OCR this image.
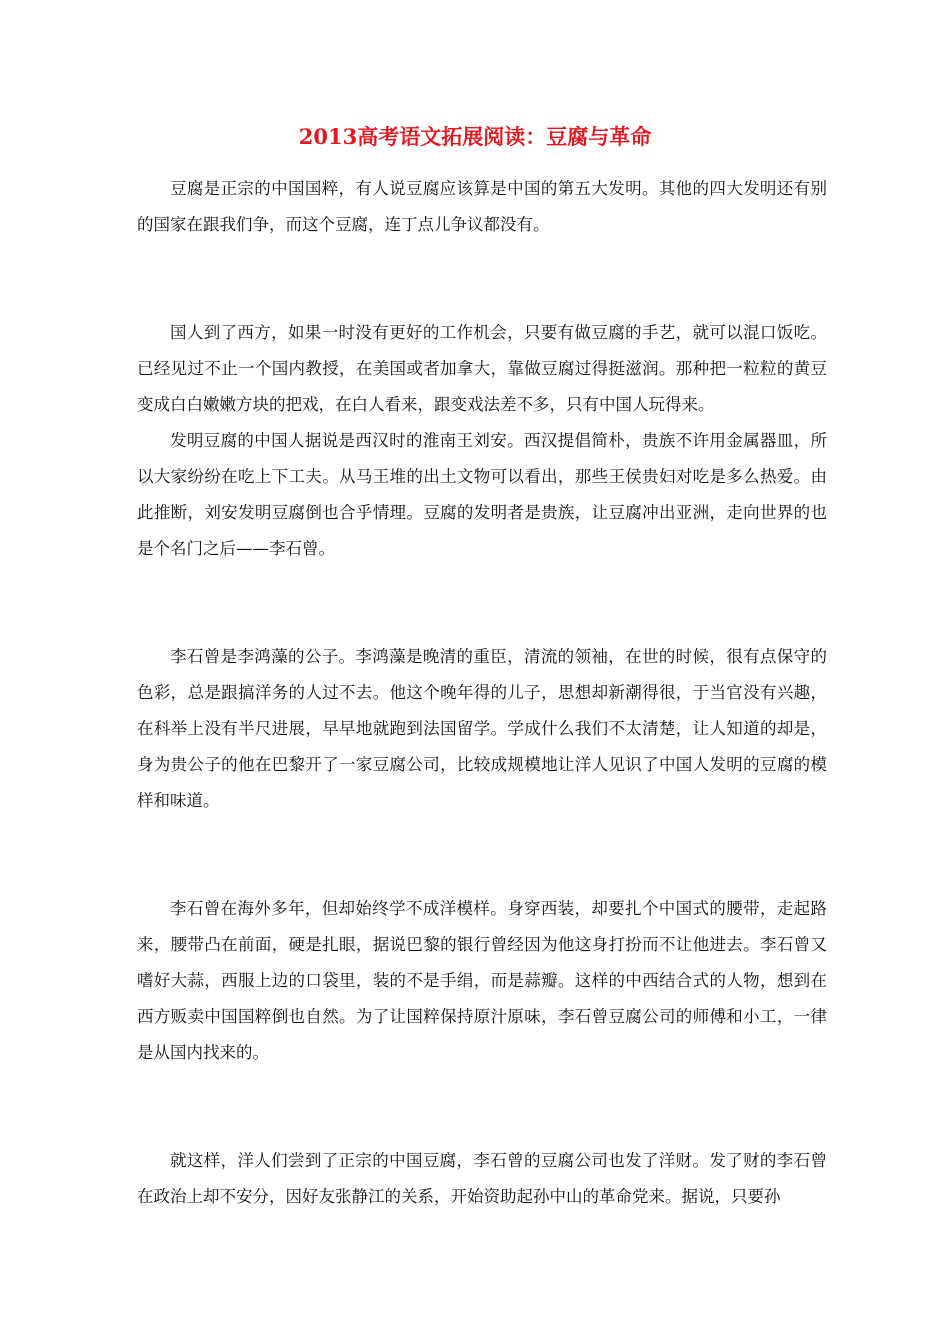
2013高考语文拓展阅读：豆腐与革命

豆腐是正宗的中国国粹，有人说豆腐应该算是中国的第五大发明。其他的四大发明还有别的国家在跟我们争，而这个豆腐，连丁点儿争议都没有。

国人到了西方，如果一时没有更好的工作机会，只要有做豆腐的手艺，就可以混口饭吃。已经见过不止一个国内教授，在美国或者加拿大，靠做豆腐过得挺滋润。那种把一粒粒的黄豆变成白白嫩嫩方块的把戏，在白人看来，跟变戏法差不多，只有中国人玩得来。

发明豆腐的中国人据说是西汉时的淮南王刘安。西汉提倡简朴，贵族不许用金属器皿，所以大家纷纷在吃上下工夫。从马王堆的出土文物可以看出，那些王侯贵妇对吃是多么热爱。由此推断，刘安发明豆腐倒也合乎情理。豆腐的发明者是贵族，让豆腐冲出亚洲，走向世界的也是个名门之后——李石曾。

李石曾是李鸿藻的公子。李鸿藻是晚清的重臣，清流的领袖，在世的时候，很有点保守的色彩，总是跟搞洋务的人过不去。他这个晚年得的儿子，思想却新潮得很，于当官没有兴趣，在科举上没有半尺进展，早早地就跑到法国留学。学成什么我们不太清楚，让人知道的却是，身为贵公子的他在巴黎开了一家豆腐公司，比较成规模地让洋人见识了中国人发明的豆腐的模样和味道。

李石曾在海外多年，但却始终学不成洋模样。身穿西装，却要扎个中国式的腰带，走起路来，腰带凸在前面，硬是扎眼，据说巴黎的银行曾经因为他这身打扮而不让他进去。李石曾又嗜好大蒜，西服上边的口袋里，装的不是手绢，而是蒜瓣。这样的中西结合式的人物，想到在西方贩卖中国国粹倒也自然。为了让国粹保持原汁原味，李石曾豆腐公司的师傅和小工，一律是从国内找来的。

就这样，洋人们尝到了正宗的中国豆腐，李石曾的豆腐公司也发了洋财。发了财的李石曾在政治上却不安分，因好友张静江的关系，开始资助起孙中山的革命党来。据说，只要孙
